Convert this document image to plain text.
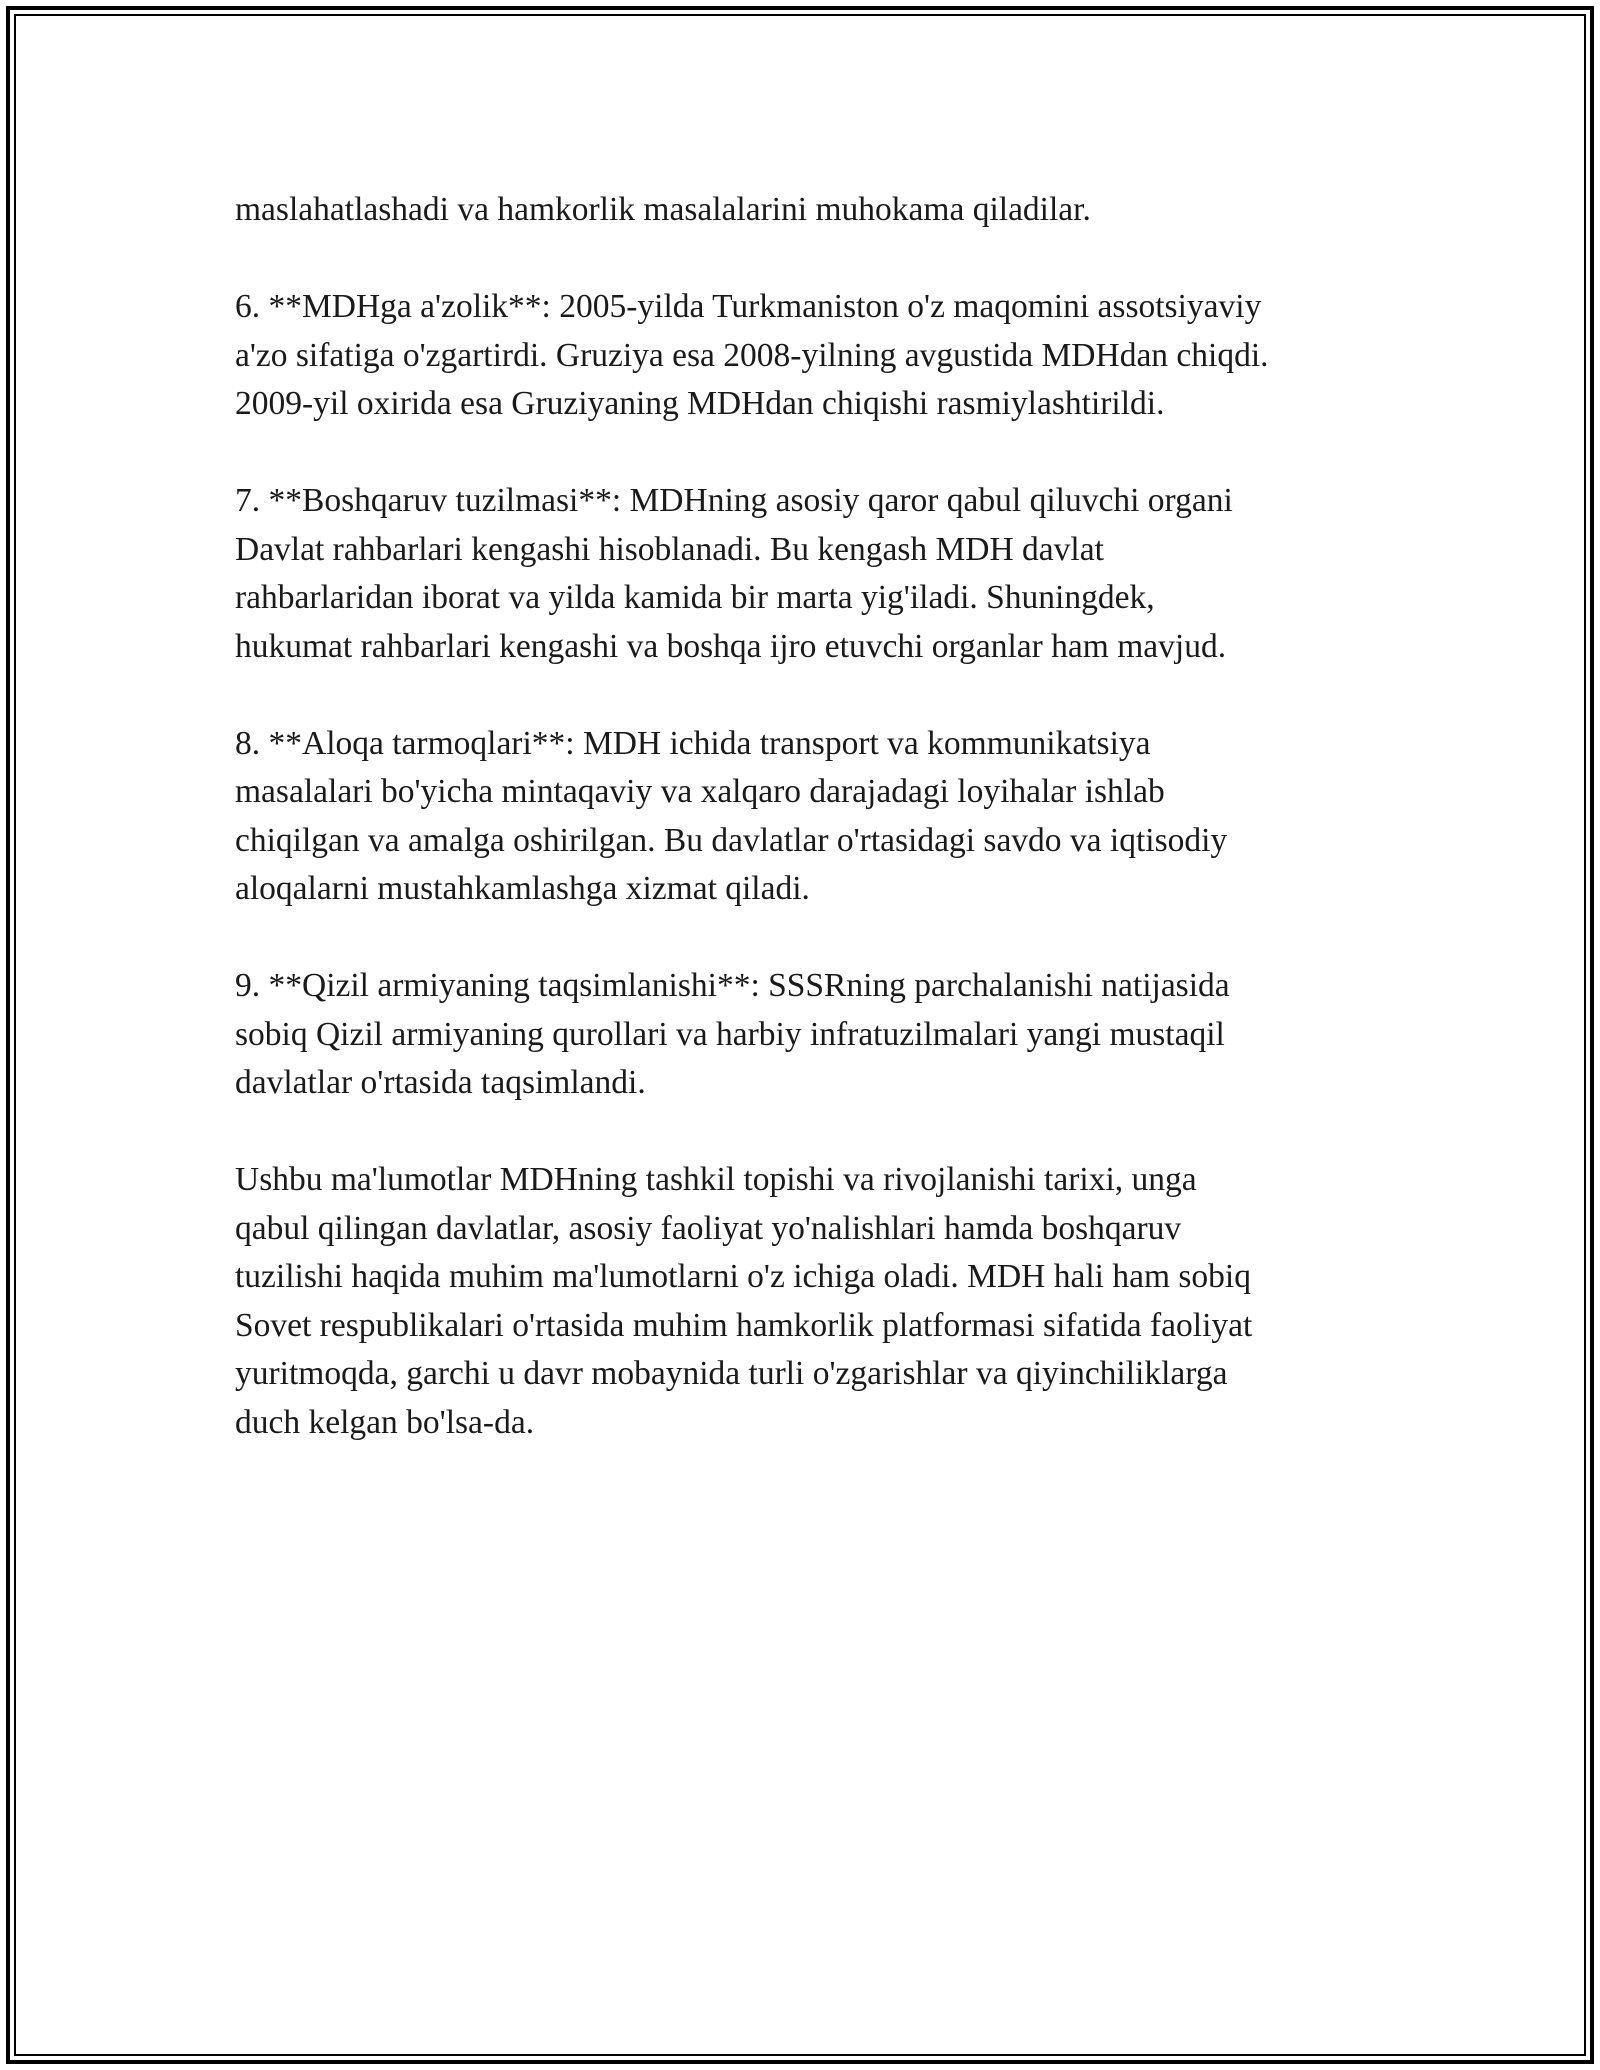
maslahatlashadi va hamkorlik masalalarini muhokama qiladilar.

6. **MDHga a'zolik**: 2005-yilda Turkmaniston o'z maqomini assotsiyaviy
a'zo sifatiga o'zgartirdi. Gruziya esa 2008-yilning avgustida MDHdan chiqdi.
2009-yil oxirida esa Gruziyaning MDHdan chiqishi rasmiylashtirildi.

7. **Boshqaruv tuzilmasi**: MDHning asosiy qaror qabul qiluvchi organi
Davlat rahbarlari kengashi hisoblanadi. Bu kengash MDH davlat
rahbarlaridan iborat va yilda kamida bir marta yig'iladi. Shuningdek,
hukumat rahbarlari kengashi va boshqa ijro etuvchi organlar ham mavjud.

8. **Aloqa tarmoqlari**: MDH ichida transport va kommunikatsiya
masalalari bo'yicha mintaqaviy va xalqaro darajadagi loyihalar ishlab
chiqilgan va amalga oshirilgan. Bu davlatlar o'rtasidagi savdo va iqtisodiy
aloqalarni mustahkamlashga xizmat qiladi.

9. **Qizil armiyaning taqsimlanishi**: SSSRning parchalanishi natijasida
sobiq Qizil armiyaning qurollari va harbiy infratuzilmalari yangi mustaqil
davlatlar o'rtasida taqsimlandi.

Ushbu ma'lumotlar MDHning tashkil topishi va rivojlanishi tarixi, unga
qabul qilingan davlatlar, asosiy faoliyat yo'nalishlari hamda boshqaruv
tuzilishi haqida muhim ma'lumotlarni o'z ichiga oladi. MDH hali ham sobiq
Sovet respublikalari o'rtasida muhim hamkorlik platformasi sifatida faoliyat
yuritmoqda, garchi u davr mobaynida turli o'zgarishlar va qiyinchiliklarga
duch kelgan bo'lsa-da.
